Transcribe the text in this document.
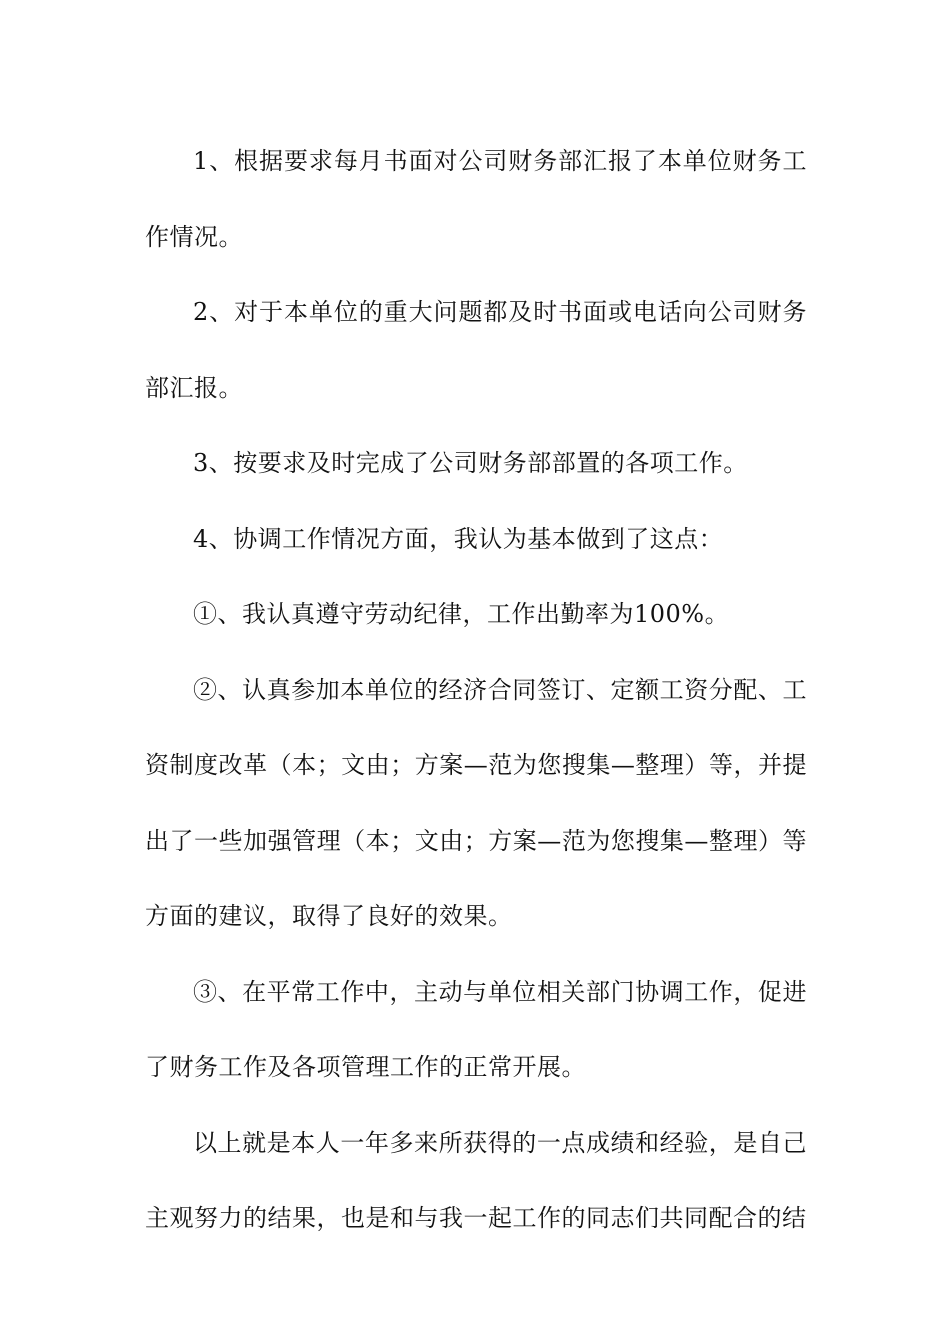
1、根据要求每月书面对公司财务部汇报了本单位财务工作情况。

2、对于本单位的重大问题都及时书面或电话向公司财务部汇报。

3、按要求及时完成了公司财务部部置的各项工作。

4、协调工作情况方面，我认为基本做到了这点：

①、我认真遵守劳动纪律，工作出勤率为100%。

②、认真参加本单位的经济合同签订、定额工资分配、工资制度改革（本；文由；方案—范为您搜集—整理）等，并提出了一些加强管理（本；文由；方案—范为您搜集—整理）等方面的建议，取得了良好的效果。

③、在平常工作中，主动与单位相关部门协调工作，促进了财务工作及各项管理工作的正常开展。

以上就是本人一年多来所获得的一点成绩和经验，是自己主观努力的结果，也是和与我一起工作的同志们共同配合的结
